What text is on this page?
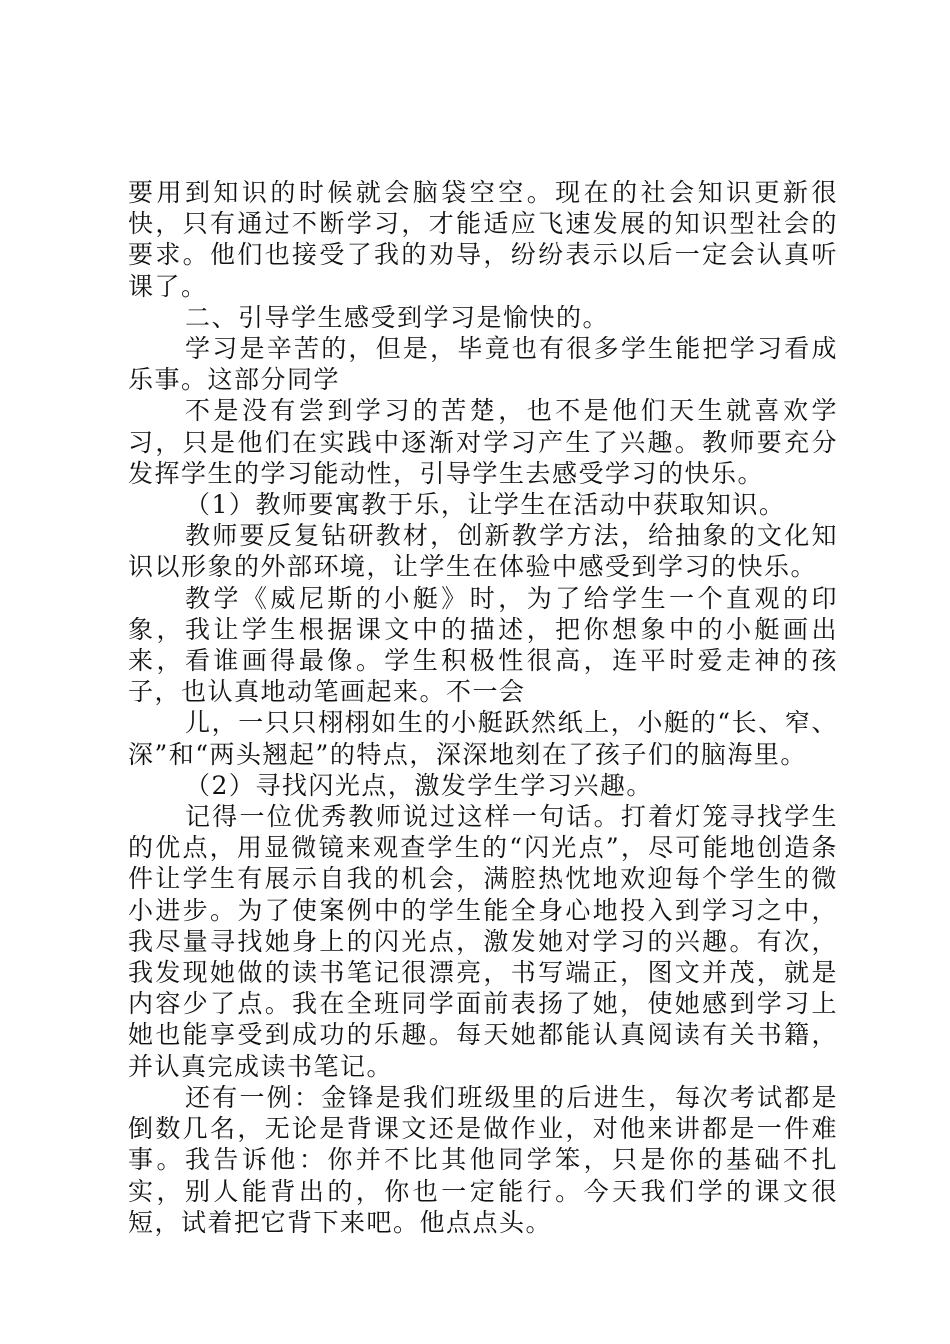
要用到知识的时候就会脑袋空空。现在的社会知识更新很快，只有通过不断学习，才能适应飞速发展的知识型社会的要求。他们也接受了我的劝导，纷纷表示以后一定会认真听课了。

二、引导学生感受到学习是愉快的。

学习是辛苦的，但是，毕竟也有很多学生能把学习看成乐事。这部分同学

不是没有尝到学习的苦楚，也不是他们天生就喜欢学习，只是他们在实践中逐渐对学习产生了兴趣。教师要充分发挥学生的学习能动性，引导学生去感受学习的快乐。

（1）教师要寓教于乐，让学生在活动中获取知识。

教师要反复钻研教材，创新教学方法，给抽象的文化知识以形象的外部环境，让学生在体验中感受到学习的快乐。

教学《威尼斯的小艇》时，为了给学生一个直观的印象，我让学生根据课文中的描述，把你想象中的小艇画出来，看谁画得最像。学生积极性很高，连平时爱走神的孩子，也认真地动笔画起来。不一会

儿，一只只栩栩如生的小艇跃然纸上，小艇的“长、窄、深”和“两头翘起”的特点，深深地刻在了孩子们的脑海里。

（2）寻找闪光点，激发学生学习兴趣。

记得一位优秀教师说过这样一句话。打着灯笼寻找学生的优点，用显微镜来观查学生的“闪光点”，尽可能地创造条件让学生有展示自我的机会，满腔热忱地欢迎每个学生的微小进步。为了使案例中的学生能全身心地投入到学习之中，我尽量寻找她身上的闪光点，激发她对学习的兴趣。有次，我发现她做的读书笔记很漂亮，书写端正，图文并茂，就是内容少了点。我在全班同学面前表扬了她，使她感到学习上她也能享受到成功的乐趣。每天她都能认真阅读有关书籍，并认真完成读书笔记。

还有一例：金锋是我们班级里的后进生，每次考试都是倒数几名，无论是背课文还是做作业，对他来讲都是一件难事。我告诉他：你并不比其他同学笨，只是你的基础不扎实，别人能背出的，你也一定能行。今天我们学的课文很短，试着把它背下来吧。他点点头。
